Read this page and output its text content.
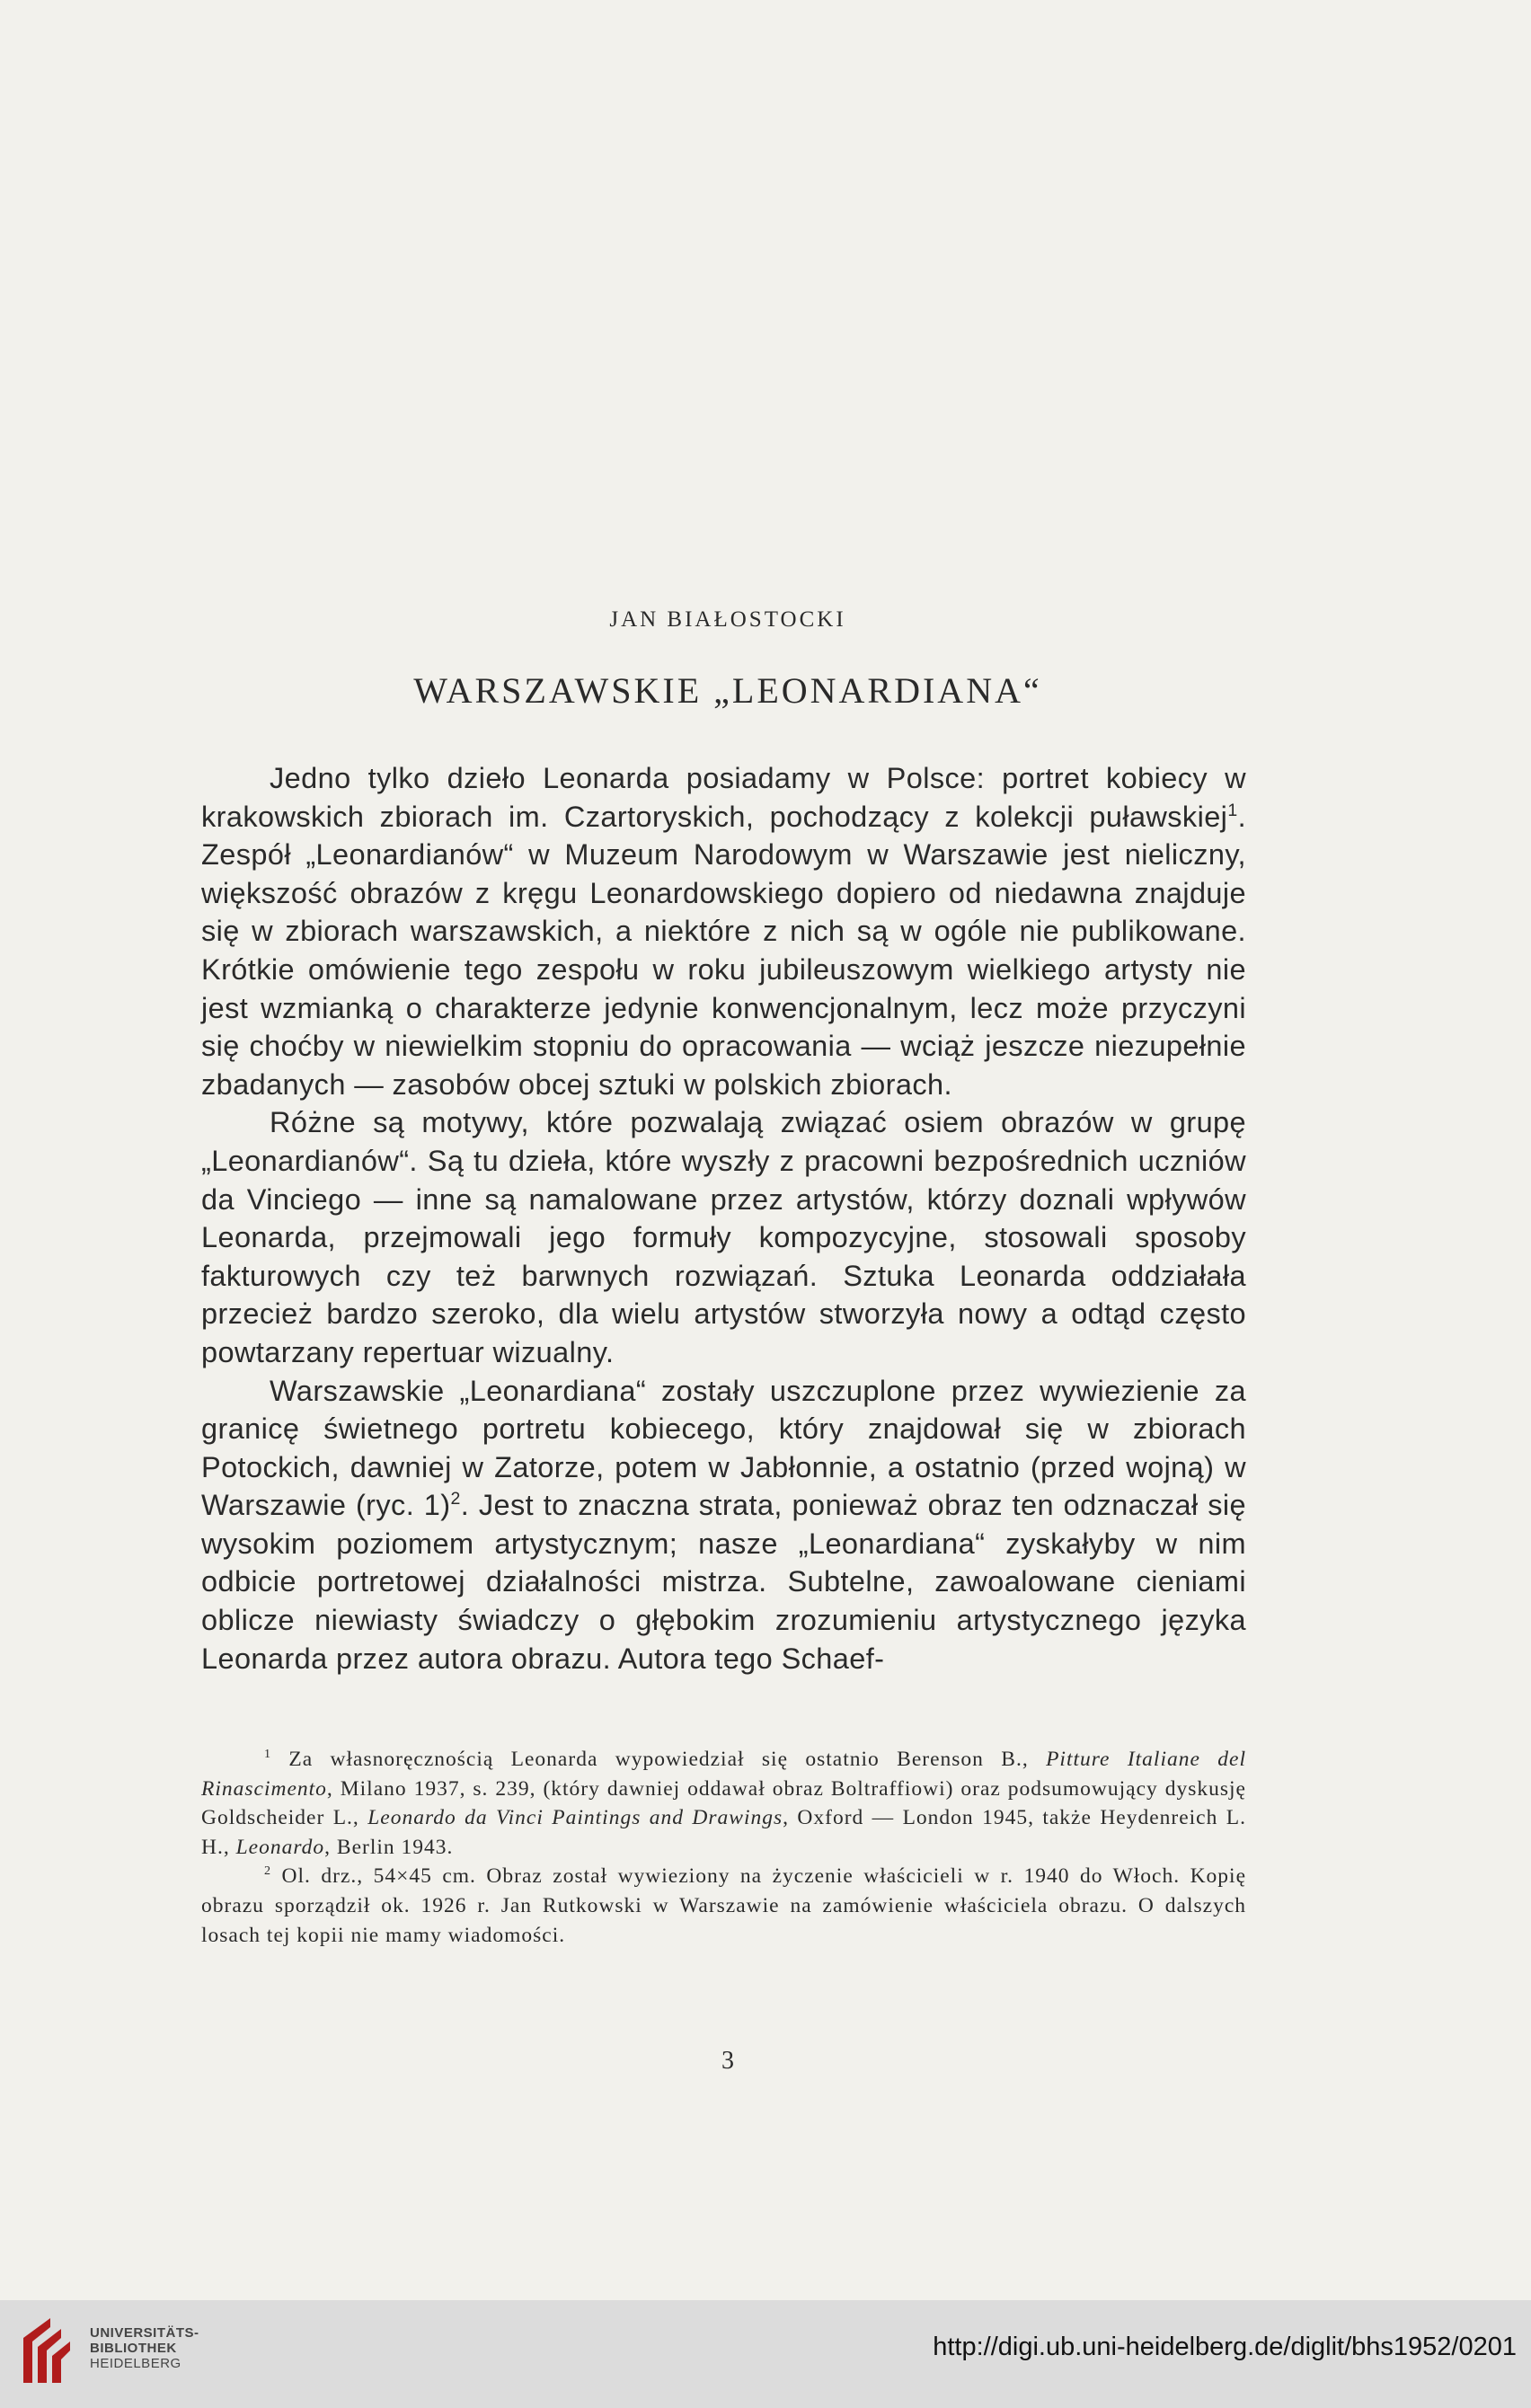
JAN BIAŁOSTOCKI
WARSZAWSKIE „LEONARDIANA“

Jedno tylko dzieło Leonarda posiadamy w Polsce: portret kobiecy w krakowskich zbiorach im. Czartoryskich, pochodzący z kolekcji puławskiej$^1$. Zespół „Leonardianów“ w Muzeum Narodowym w Warszawie jest nieliczny, większość obrazów z kręgu Leonardowskiego dopiero od niedawna znajduje się w zbiorach warszawskich, a niektóre z nich są w ogóle nie publikowane. Krótkie omówienie tego zespołu w roku jubileuszowym wielkiego artysty nie jest wzmianką o charakterze jedynie konwencjonalnym, lecz może przyczyni się choćby w niewielkim stopniu do opracowania — wciąż jeszcze niezupełnie zbadanych — zasobów obcej sztuki w polskich zbiorach.

Różne są motywy, które pozwalają związać osiem obrazów w grupę „Leonardianów“. Są tu dzieła, które wyszły z pracowni bezpośrednich uczniów da Vinciego — inne są namalowane przez artystów, którzy doznali wpływów Leonarda, przejmowali jego formuły kompozycyjne, stosowali sposoby fakturowych czy też barwnych rozwiązań. Sztuka Leonarda oddziałała przecież bardzo szeroko, dla wielu artystów stworzyła nowy a odtąd często powtarzany repertuar wizualny.

Warszawskie „Leonardiana“ zostały uszczuplone przez wywiezienie za granicę świetnego portretu kobiecego, który znajdował się w zbiorach Potockich, dawniej w Zatorze, potem w Jabłonnie, a ostatnio (przed wojną) w Warszawie (ryc. 1)$^2$. Jest to znaczna strata, ponieważ obraz ten odznaczał się wysokim poziomem artystycznym; nasze „Leonardiana“ zyskałyby w nim odbicie portretowej działalności mistrza. Subtelne, zawoalowane cieniami oblicze niewiasty świadczy o głębokim zrozumieniu artystycznego języka Leonarda przez autora obrazu. Autora tego Schaef-

$^1$ Za własnoręcznością Leonarda wypowiedział się ostatnio Berenson B., Pitture Italiane del Rinascimento, Milano 1937, s. 239, (który dawniej oddawał obraz Boltraffiowi) oraz podsumowujący dyskusję Goldscheider L., Leonardo da Vinci Paintings and Drawings, Oxford — London 1945, także Heydenreich L. H., Leonardo, Berlin 1943.

$^2$ Ol. drz., 54×45 cm. Obraz został wywieziony na życzenie właścicieli w r. 1940 do Włoch. Kopię obrazu sporządził ok. 1926 r. Jan Rutkowski w Warszawie na zamówienie właściciela obrazu. O dalszych losach tej kopii nie mamy wiadomości.

3
UNIVERSITÄTS-
BIBLIOTHEK
HEIDELBERG
http://digi.ub.uni-heidelberg.de/diglit/bhs1952/0201
